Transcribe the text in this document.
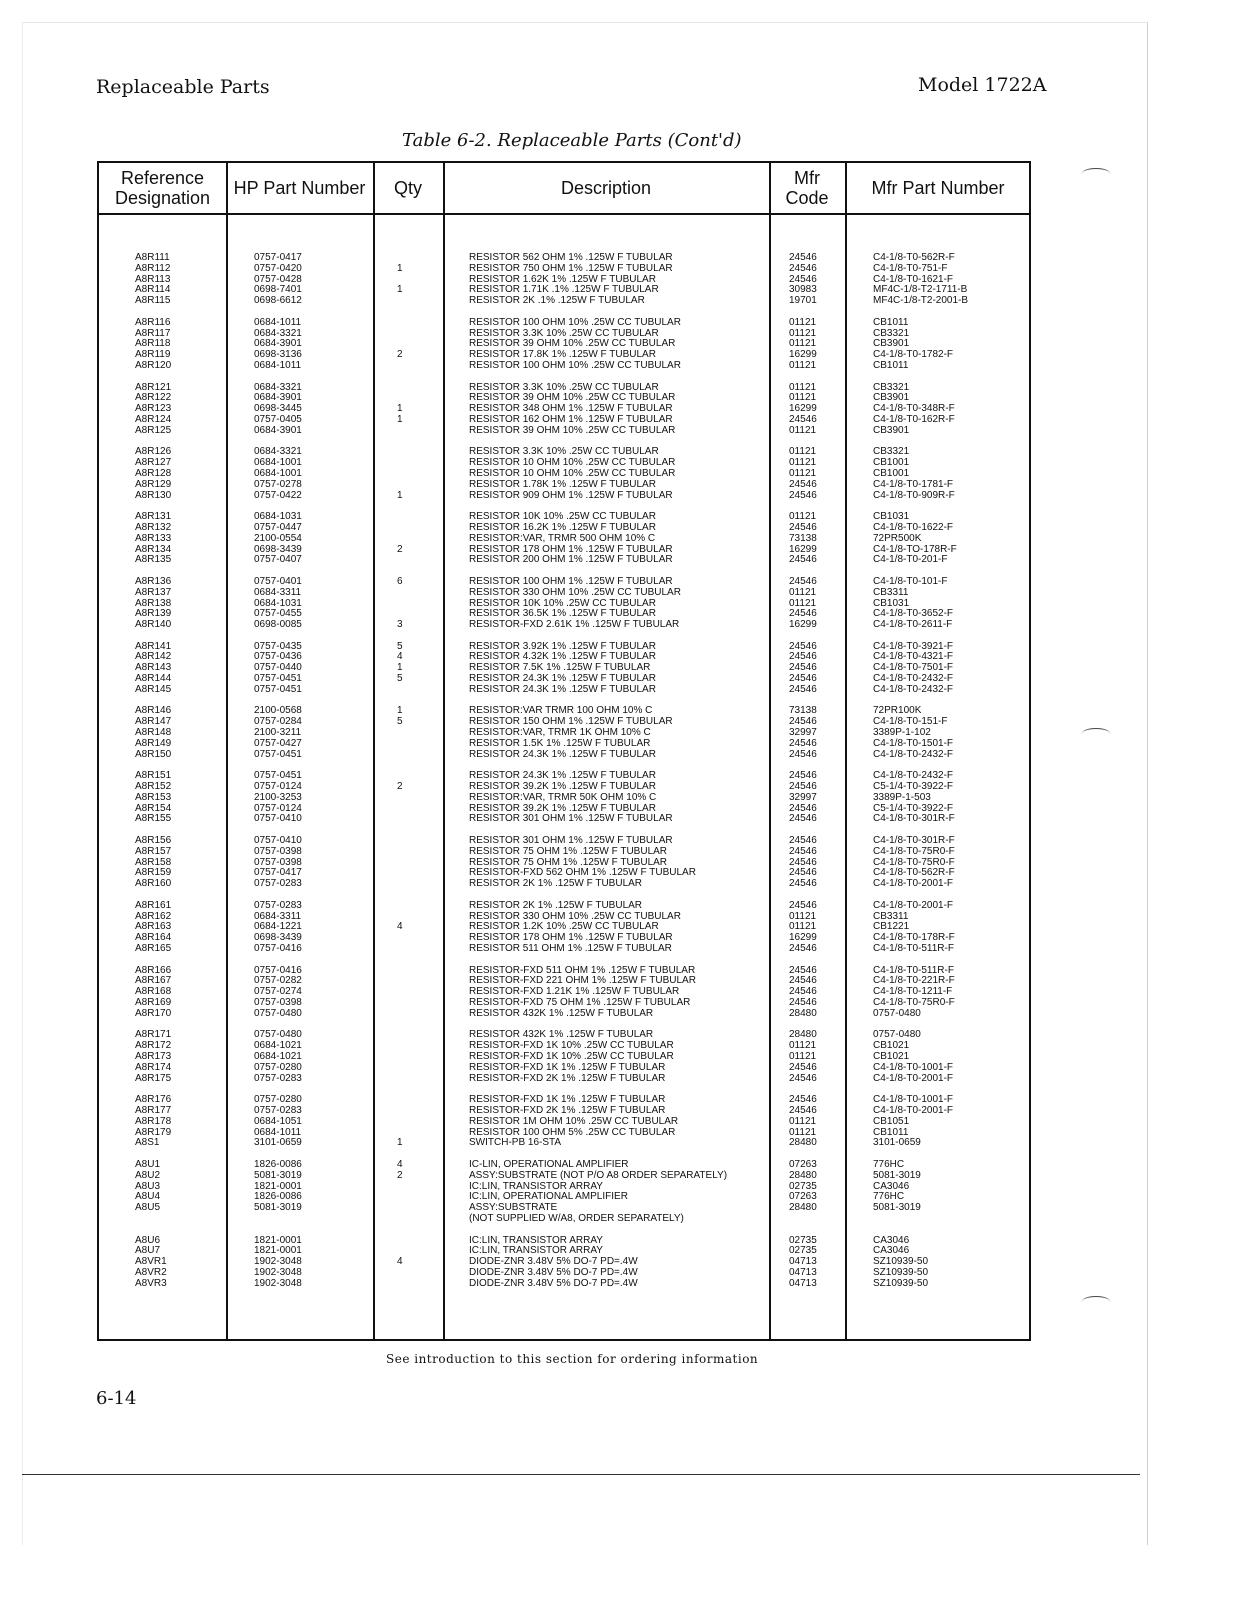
Replaceable Parts	Model 1722A
Table 6-2. Replaceable Parts (Cont'd)
Reference
Designation	HP Part Number	Qty	Description	Mfr
Code	Mfr Part Number
A8R111	0757-0417	RESISTOR 562 OHM 1% .125W F TUBULAR	24546	C4-1/8-T0-562R-F
A8R112	0757-0420	1	RESISTOR 750 OHM 1% .125W F TUBULAR	24546	C4-1/8-T0-751-F
A8R113	0757-0428	RESISTOR 1.62K 1% .125W F TUBULAR	24546	C4-1/8-T0-1621-F
A8R114	0698-7401	1	RESISTOR 1.71K .1% .125W F TUBULAR	30983	MF4C-1/8-T2-1711-B
A8R115	0698-6612	RESISTOR 2K .1% .125W F TUBULAR	19701	MF4C-1/8-T2-2001-B
A8R116	0684-1011	RESISTOR 100 OHM 10% .25W CC TUBULAR	01121	CB1011
A8R117	0684-3321	RESISTOR 3.3K 10% .25W CC TUBULAR	01121	CB3321
A8R118	0684-3901	RESISTOR 39 OHM 10% .25W CC TUBULAR	01121	CB3901
A8R119	0698-3136	2	RESISTOR 17.8K 1% .125W F TUBULAR	16299	C4-1/8-T0-1782-F
A8R120	0684-1011	RESISTOR 100 OHM 10% .25W CC TUBULAR	01121	CB1011
A8R121	0684-3321	RESISTOR 3.3K 10% .25W CC TUBULAR	01121	CB3321
A8R122	0684-3901	RESISTOR 39 OHM 10% .25W CC TUBULAR	01121	CB3901
A8R123	0698-3445	1	RESISTOR 348 OHM 1% .125W F TUBULAR	16299	C4-1/8-T0-348R-F
A8R124	0757-0405	1	RESISTOR 162 OHM 1% .125W F TUBULAR	24546	C4-1/8-T0-162R-F
A8R125	0684-3901	RESISTOR 39 OHM 10% .25W CC TUBULAR	01121	CB3901
A8R126	0684-3321	RESISTOR 3.3K 10% .25W CC TUBULAR	01121	CB3321
A8R127	0684-1001	RESISTOR 10 OHM 10% .25W CC TUBULAR	01121	CB1001
A8R128	0684-1001	RESISTOR 10 OHM 10% .25W CC TUBULAR	01121	CB1001
A8R129	0757-0278	RESISTOR 1.78K 1% .125W F TUBULAR	24546	C4-1/8-T0-1781-F
A8R130	0757-0422	1	RESISTOR 909 OHM 1% .125W F TUBULAR	24546	C4-1/8-T0-909R-F
A8R131	0684-1031	RESISTOR 10K 10% .25W CC TUBULAR	01121	CB1031
A8R132	0757-0447	RESISTOR 16.2K 1% .125W F TUBULAR	24546	C4-1/8-T0-1622-F
A8R133	2100-0554	RESISTOR:VAR, TRMR 500 OHM 10% C	73138	72PR500K
A8R134	0698-3439	2	RESISTOR 178 OHM 1% .125W F TUBULAR	16299	C4-1/8-TO-178R-F
A8R135	0757-0407	RESISTOR 200 OHM 1% .125W F TUBULAR	24546	C4-1/8-T0-201-F
A8R136	0757-0401	6	RESISTOR 100 OHM 1% .125W F TUBULAR	24546	C4-1/8-T0-101-F
A8R137	0684-3311	RESISTOR 330 OHM 10% .25W CC TUBULAR	01121	CB3311
A8R138	0684-1031	RESISTOR 10K 10% .25W CC TUBULAR	01121	CB1031
A8R139	0757-0455	RESISTOR 36.5K 1% .125W F TUBULAR	24546	C4-1/8-T0-3652-F
A8R140	0698-0085	3	RESISTOR-FXD 2.61K 1% .125W F TUBULAR	16299	C4-1/8-T0-2611-F
A8R141	0757-0435	5	RESISTOR 3.92K 1% .125W F TUBULAR	24546	C4-1/8-T0-3921-F
A8R142	0757-0436	4	RESISTOR 4.32K 1% .125W F TUBULAR	24546	C4-1/8-T0-4321-F
A8R143	0757-0440	1	RESISTOR 7.5K 1% .125W F TUBULAR	24546	C4-1/8-T0-7501-F
A8R144	0757-0451	5	RESISTOR 24.3K 1% .125W F TUBULAR	24546	C4-1/8-T0-2432-F
A8R145	0757-0451	RESISTOR 24.3K 1% .125W F TUBULAR	24546	C4-1/8-T0-2432-F
A8R146	2100-0568	1	RESISTOR:VAR TRMR 100 OHM 10% C	73138	72PR100K
A8R147	0757-0284	5	RESISTOR 150 OHM 1% .125W F TUBULAR	24546	C4-1/8-T0-151-F
A8R148	2100-3211	RESISTOR:VAR, TRMR 1K OHM 10% C	32997	3389P-1-102
A8R149	0757-0427	RESISTOR 1.5K 1% .125W F TUBULAR	24546	C4-1/8-T0-1501-F
A8R150	0757-0451	RESISTOR 24.3K 1% .125W F TUBULAR	24546	C4-1/8-T0-2432-F
A8R151	0757-0451	RESISTOR 24.3K 1% .125W F TUBULAR	24546	C4-1/8-T0-2432-F
A8R152	0757-0124	2	RESISTOR 39.2K 1% .125W F TUBULAR	24546	C5-1/4-T0-3922-F
A8R153	2100-3253	RESISTOR:VAR, TRMR 50K OHM 10% C	32997	3389P-1-503
A8R154	0757-0124	RESISTOR 39.2K 1% .125W F TUBULAR	24546	C5-1/4-T0-3922-F
A8R155	0757-0410	RESISTOR 301 OHM 1% .125W F TUBULAR	24546	C4-1/8-T0-301R-F
A8R156	0757-0410	RESISTOR 301 OHM 1% .125W F TUBULAR	24546	C4-1/8-T0-301R-F
A8R157	0757-0398	RESISTOR 75 OHM 1% .125W F TUBULAR	24546	C4-1/8-T0-75R0-F
A8R158	0757-0398	RESISTOR 75 OHM 1% .125W F TUBULAR	24546	C4-1/8-T0-75R0-F
A8R159	0757-0417	RESISTOR-FXD 562 OHM 1% .125W F TUBULAR	24546	C4-1/8-T0-562R-F
A8R160	0757-0283	RESISTOR 2K 1% .125W F TUBULAR	24546	C4-1/8-T0-2001-F
A8R161	0757-0283	RESISTOR 2K 1% .125W F TUBULAR	24546	C4-1/8-T0-2001-F
A8R162	0684-3311	RESISTOR 330 OHM 10% .25W CC TUBULAR	01121	CB3311
A8R163	0684-1221	4	RESISTOR 1.2K 10% .25W CC TUBULAR	01121	CB1221
A8R164	0698-3439	RESISTOR 178 OHM 1% .125W F TUBULAR	16299	C4-1/8-T0-178R-F
A8R165	0757-0416	RESISTOR 511 OHM 1% .125W F TUBULAR	24546	C4-1/8-T0-511R-F
A8R166	0757-0416	RESISTOR-FXD 511 OHM 1% .125W F TUBULAR	24546	C4-1/8-T0-511R-F
A8R167	0757-0282	RESISTOR-FXD 221 OHM 1% .125W F TUBULAR	24546	C4-1/8-T0-221R-F
A8R168	0757-0274	RESISTOR-FXD 1.21K 1% .125W F TUBULAR	24546	C4-1/8-T0-1211-F
A8R169	0757-0398	RESISTOR-FXD 75 OHM 1% .125W F TUBULAR	24546	C4-1/8-T0-75R0-F
A8R170	0757-0480	RESISTOR 432K 1% .125W F TUBULAR	28480	0757-0480
A8R171	0757-0480	RESISTOR 432K 1% .125W F TUBULAR	28480	0757-0480
A8R172	0684-1021	RESISTOR-FXD 1K 10% .25W CC TUBULAR	01121	CB1021
A8R173	0684-1021	RESISTOR-FXD 1K 10% .25W CC TUBULAR	01121	CB1021
A8R174	0757-0280	RESISTOR-FXD 1K 1% .125W F TUBULAR	24546	C4-1/8-T0-1001-F
A8R175	0757-0283	RESISTOR-FXD 2K 1% .125W F TUBULAR	24546	C4-1/8-T0-2001-F
A8R176	0757-0280	RESISTOR-FXD 1K 1% .125W F TUBULAR	24546	C4-1/8-T0-1001-F
A8R177	0757-0283	RESISTOR-FXD 2K 1% .125W F TUBULAR	24546	C4-1/8-T0-2001-F
A8R178	0684-1051	RESISTOR 1M OHM 10% .25W CC TUBULAR	01121	CB1051
A8R179	0684-1011	RESISTOR 100 OHM 5% .25W CC TUBULAR	01121	CB1011
A8S1	3101-0659	1	SWITCH-PB 16-STA	28480	3101-0659
A8U1	1826-0086	4	IC-LIN, OPERATIONAL AMPLIFIER	07263	776HC
A8U2	5081-3019	2	ASSY:SUBSTRATE (NOT P/O A8 ORDER SEPARATELY)	28480	5081-3019
A8U3	1821-0001	IC:LIN, TRANSISTOR ARRAY	02735	CA3046
A8U4	1826-0086	IC:LIN, OPERATIONAL AMPLIFIER	07263	776HC
A8U5	5081-3019	ASSY:SUBSTRATE	28480	5081-3019
(NOT SUPPLIED W/A8, ORDER SEPARATELY)
A8U6	1821-0001	IC:LIN, TRANSISTOR ARRAY	02735	CA3046
A8U7	1821-0001	IC:LIN, TRANSISTOR ARRAY	02735	CA3046
A8VR1	1902-3048	4	DIODE-ZNR 3.48V 5% DO-7 PD=.4W	04713	SZ10939-50
A8VR2	1902-3048	DIODE-ZNR 3.48V 5% DO-7 PD=.4W	04713	SZ10939-50
A8VR3	1902-3048	DIODE-ZNR 3.48V 5% DO-7 PD=.4W	04713	SZ10939-50
See introduction to this section for ordering information
6-14
